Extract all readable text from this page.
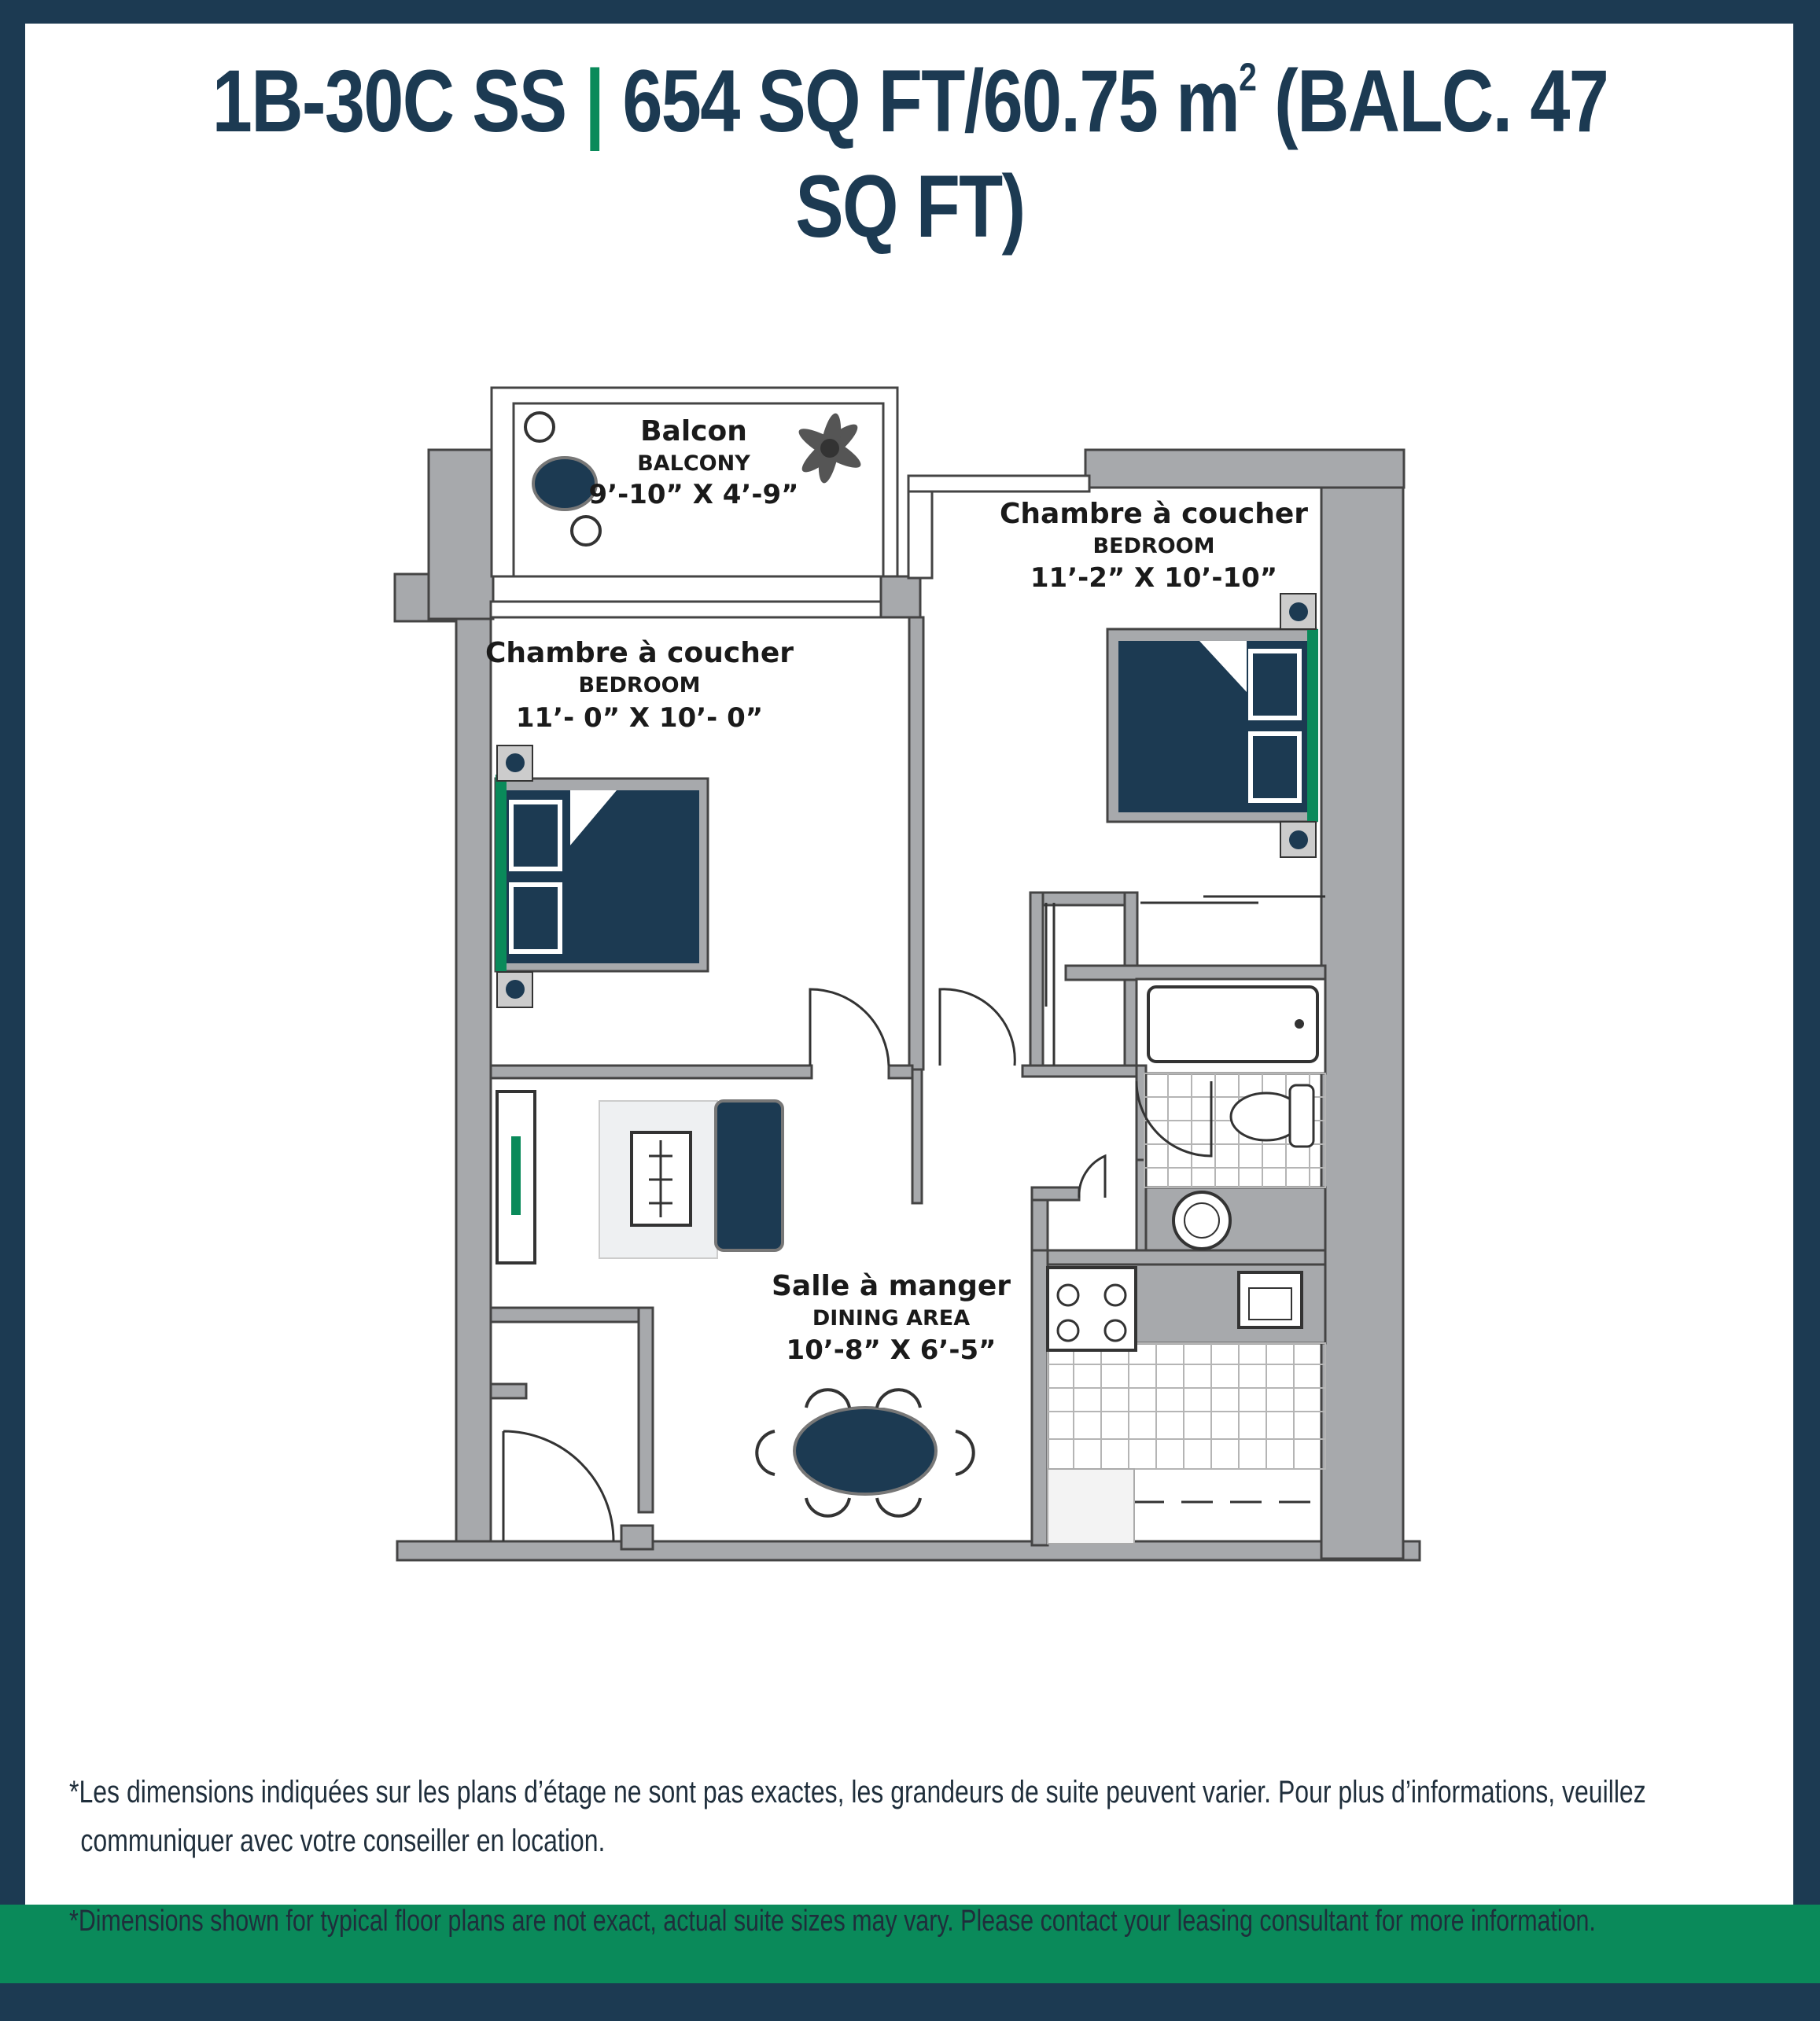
1B-30C SS | 654 SQ FT/60.75 $m^2$ (BALC. 47 SQ FT)
Balcon
BALCONY
9’-10” X 4’-9”
Chambre à coucher
BEDROOM
11’-2” X 10’-10”
Chambre à coucher
BEDROOM
11’- 0” X 10’- 0”
Salle à manger
DINING AREA
10’-8” X 6’-5”
*Les dimensions indiquées sur les plans d’étage ne sont pas exactes, les grandeurs de suite peuvent varier. Pour plus d’informations, veuillez
communiquer avec votre conseiller en location.
*Dimensions shown for typical floor plans are not exact, actual suite sizes may vary. Please contact your leasing consultant for more information.
